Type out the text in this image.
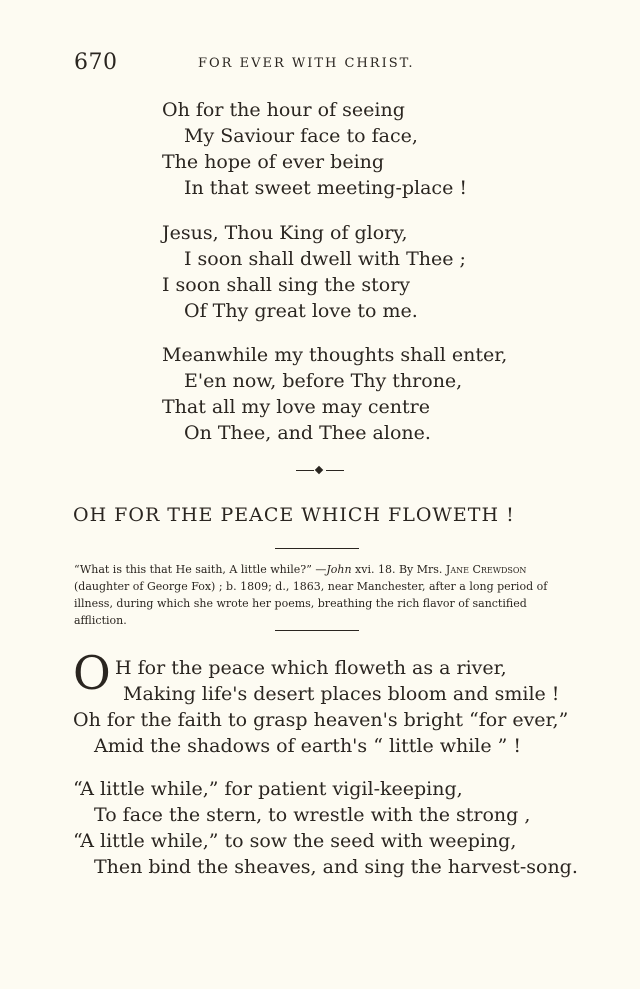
670	FOR EVER WITH CHRIST.
Oh for the hour of seeing
My Saviour face to face,
The hope of ever being
In that sweet meeting-place !
Jesus, Thou King of glory,
I soon shall dwell with Thee ;
I soon shall sing the story
Of Thy great love to me.
Meanwhile my thoughts shall enter,
E'en now, before Thy throne,
That all my love may centre
On Thee, and Thee alone.
OH FOR THE PEACE WHICH FLOWETH !

“What is this that He saith, A little while?” —John xvi. 18. By Mrs. Jane Crewdson (daughter of George Fox) ; b. 1809; d., 1863, near Manchester, after a long period of illness, during which she wrote her poems, breathing the rich flavor of sanctified affliction.

O H for the peace which floweth as a river,
Making life's desert places bloom and smile !
Oh for the faith to grasp heaven's bright “for ever,”
Amid the shadows of earth's “ little while ” !
“A little while,” for patient vigil-keeping,
To face the stern, to wrestle with the strong ,
“A little while,” to sow the seed with weeping,
Then bind the sheaves, and sing the harvest-song.
